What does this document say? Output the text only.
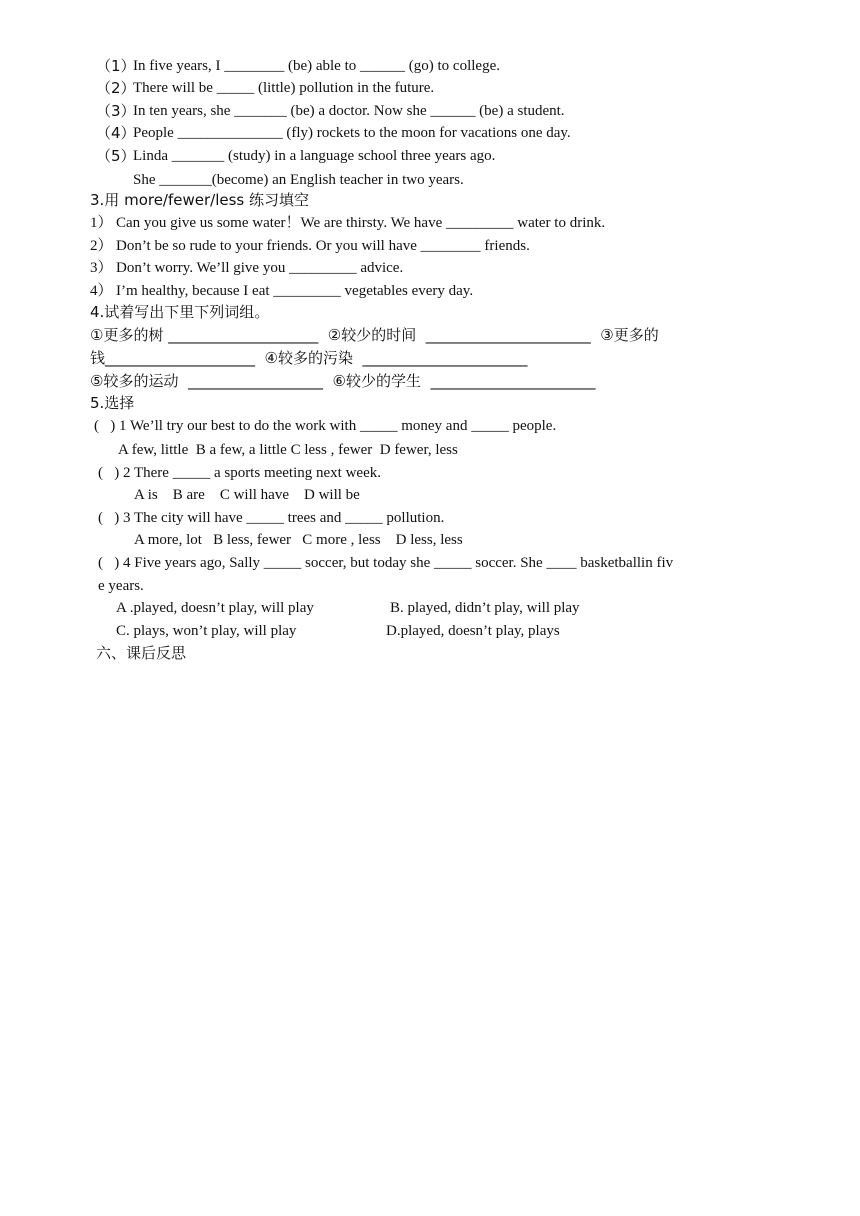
（1）
In five years, I ________ (be) able to ______ (go) to college.
（2）
There will be _____ (little) pollution in the future.
（3）
In ten years, she _______ (be) a doctor. Now she ______ (be) a student.
（4）
People ______________ (fly) rockets to the moon for vacations one day.
（5）
Linda _______ (study) in a language school three years ago.
She _______(become) an English teacher in two years.
3.用 more/fewer/less 练习填空
1） Can you give us some water！We are thirsty. We have _________ water to drink.
2） Don’t be so rude to your friends. Or you will have ________ friends.
3） Don’t worry. We’ll give you _________ advice.
4） I’m healthy, because I eat _________ vegetables every day.
4.试着写出下里下列词组。
①更多的树 ____________________  ②较少的时间  ______________________  ③更多的
钱____________________  ④较多的污染  ______________________
⑤较多的运动  __________________  ⑥较少的学生  ______________________
5.选择
(   ) 1 We’ll try our best to do the work with _____ money and _____ people.
A few, little  B a few, a little C less , fewer  D fewer, less
(   ) 2 There _____ a sports meeting next week.
A is    B are    C will have    D will be
(   ) 3 The city will have _____ trees and _____ pollution.
A more, lot   B less, fewer   C more , less    D less, less
(   ) 4 Five years ago, Sally _____ soccer, but today she _____ soccer. She ____ basketballin fiv
e years.
A .played, doesn’t play, will play	B. played, didn’t play, will play
C. plays, won’t play, will play	D.played, doesn’t play, plays
六、课后反思
